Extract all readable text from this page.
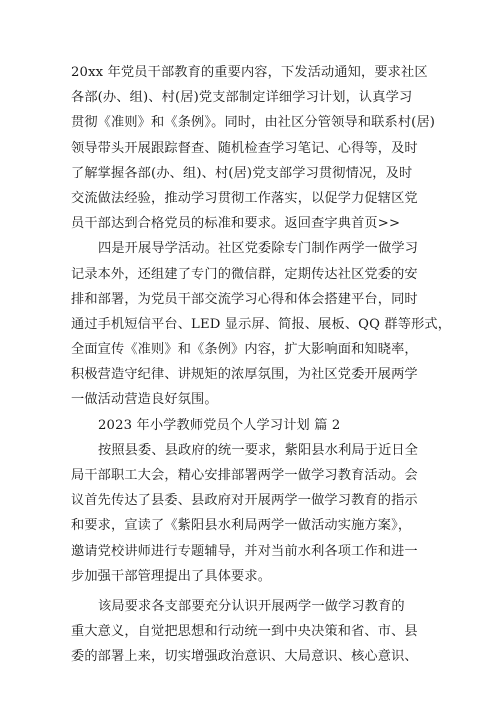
20xx 年党员干部教育的重要内容，下发活动通知，要求社区
各部(办、组)、村(居)党支部制定详细学习计划，认真学习
贯彻《准则》和《条例》。同时，由社区分管领导和联系村(居)
领导带头开展跟踪督查、随机检查学习笔记、心得等，及时
了解掌握各部(办、组)、村(居)党支部学习贯彻情况，及时
交流做法经验，推动学习贯彻工作落实，以促学力促辖区党
员干部达到合格党员的标准和要求。返回查字典首页>>
四是开展导学活动。社区党委除专门制作两学一做学习
记录本外，还组建了专门的微信群，定期传达社区党委的安
排和部署，为党员干部交流学习心得和体会搭建平台，同时
通过手机短信平台、LED 显示屏、简报、展板、QQ 群等形式，
全面宣传《准则》和《条例》内容，扩大影响面和知晓率，
积极营造守纪律、讲规矩的浓厚氛围，为社区党委开展两学
一做活动营造良好氛围。
2023 年小学教师党员个人学习计划 篇 2
按照县委、县政府的统一要求，紫阳县水利局于近日全
局干部职工大会，精心安排部署两学一做学习教育活动。会
议首先传达了县委、县政府对开展两学一做学习教育的指示
和要求，宣读了《紫阳县水利局两学一做活动实施方案》，
邀请党校讲师进行专题辅导，并对当前水利各项工作和进一
步加强干部管理提出了具体要求。
该局要求各支部要充分认识开展两学一做学习教育的
重大意义，自觉把思想和行动统一到中央决策和省、市、县
委的部署上来，切实增强政治意识、大局意识、核心意识、
